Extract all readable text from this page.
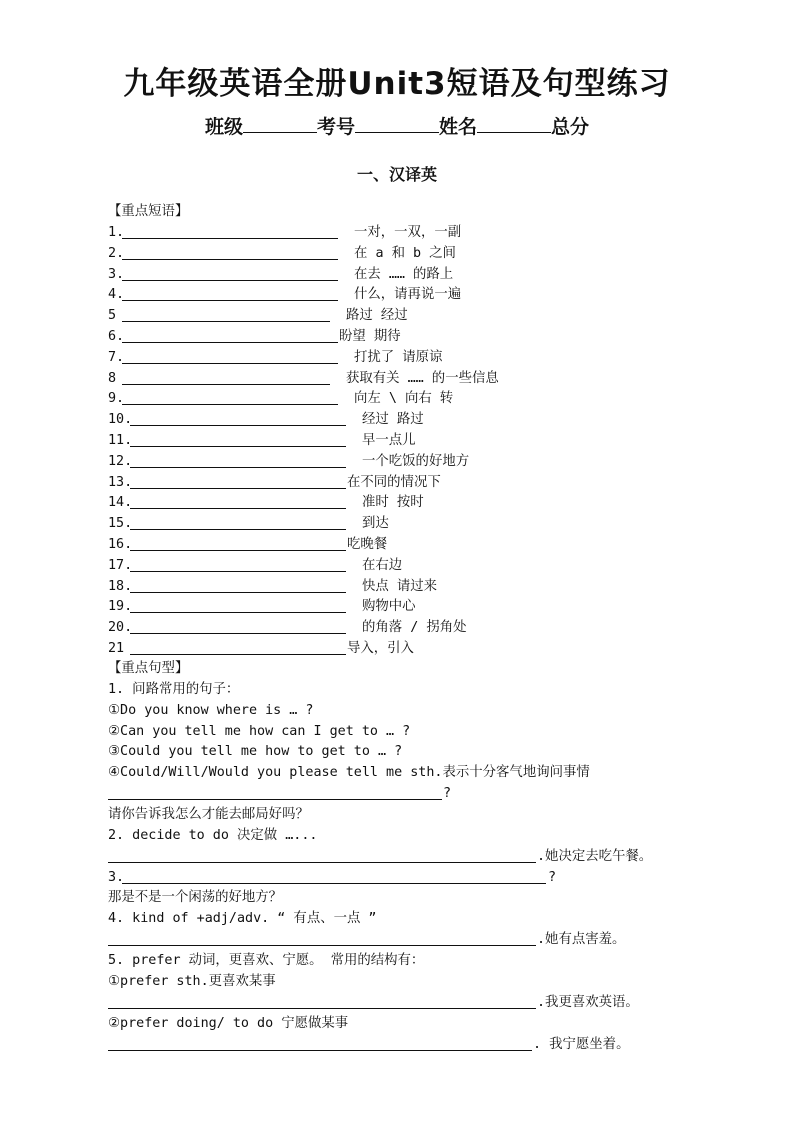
九年级英语全册Unit3短语及句型练习
班级	考号	姓名	总分
一、汉译英
【重点短语】
1.	一对，一双，一副
2.	在 a 和 b 之间
3.	在去 …… 的路上
4.	什么，请再说一遍
5	路过 经过
6.	盼望 期待
7.	打扰了 请原谅
8	获取有关 …… 的一些信息
9.	向左 \ 向右 转
10.	经过 路过
11.	早一点儿
12.	一个吃饭的好地方
13.	在不同的情况下
14.	准时 按时
15.	到达
16.	吃晚餐
17.	在右边
18.	快点 请过来
19.	购物中心
20.	的角落 / 拐角处
21	导入，引入
【重点句型】
1. 问路常用的句子：
①Do you know where is … ?
②Can you tell me how can I get to … ?
③Could you tell me how to get to … ?
④Could/Will/Would you please tell me sth.表示十分客气地询问事情
?
请你告诉我怎么才能去邮局好吗？
2. decide to do 决定做 …...
.她决定去吃午餐。
3.	?
那是不是一个闲荡的好地方？
4. kind of +adj/adv. “ 有点、一点 ”
.她有点害羞。
5. prefer 动词，更喜欢、宁愿。 常用的结构有：
①prefer sth.更喜欢某事
.我更喜欢英语。
②prefer doing/ to do 宁愿做某事
. 我宁愿坐着。
